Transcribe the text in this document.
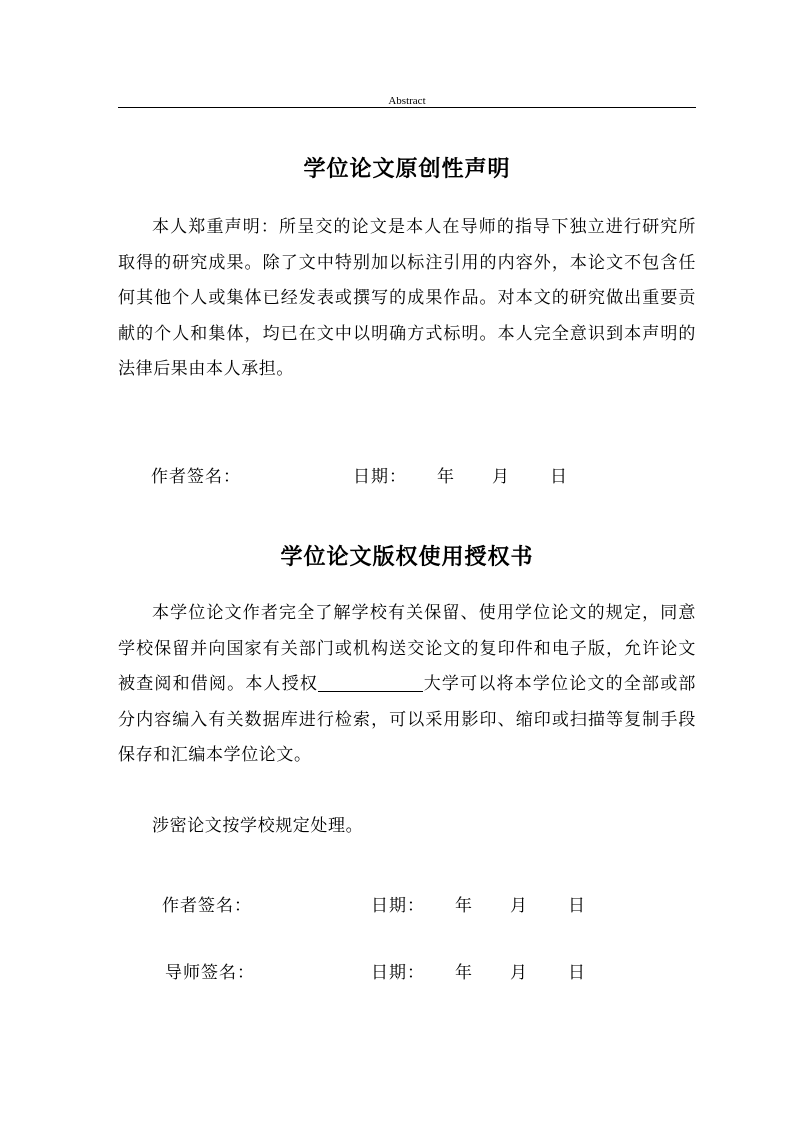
Abstract
学位论文原创性声明
本人郑重声明：所呈交的论文是本人在导师的指导下独立进行研究所取得的研究成果。除了文中特别加以标注引用的内容外，本论文不包含任何其他个人或集体已经发表或撰写的成果作品。对本文的研究做出重要贡献的个人和集体，均已在文中以明确方式标明。本人完全意识到本声明的法律后果由本人承担。
作者签名：	日期： 年 月 日
学位论文版权使用授权书
本学位论文作者完全了解学校有关保留、使用学位论文的规定，同意学校保留并向国家有关部门或机构送交论文的复印件和电子版，允许论文被查阅和借阅。本人授权	大学可以将本学位论文的全部或部分内容编入有关数据库进行检索，可以采用影印、缩印或扫描等复制手段保存和汇编本学位论文。
涉密论文按学校规定处理。
作者签名：	日期： 年 月 日
导师签名：	日期： 年 月 日
